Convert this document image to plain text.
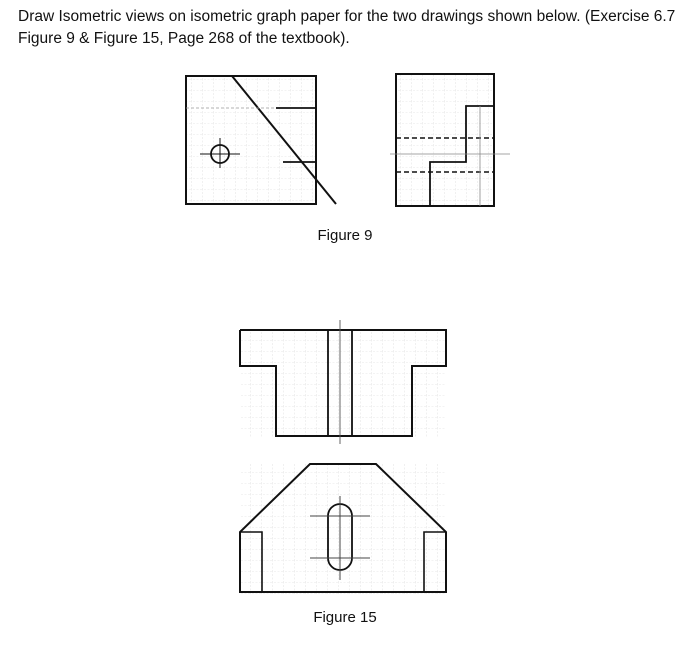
Draw Isometric views on isometric graph paper for the two drawings shown below. (Exercise 6.7 Figure 9 & Figure 15, Page 268 of the textbook).

Figure 9
Figure 15
